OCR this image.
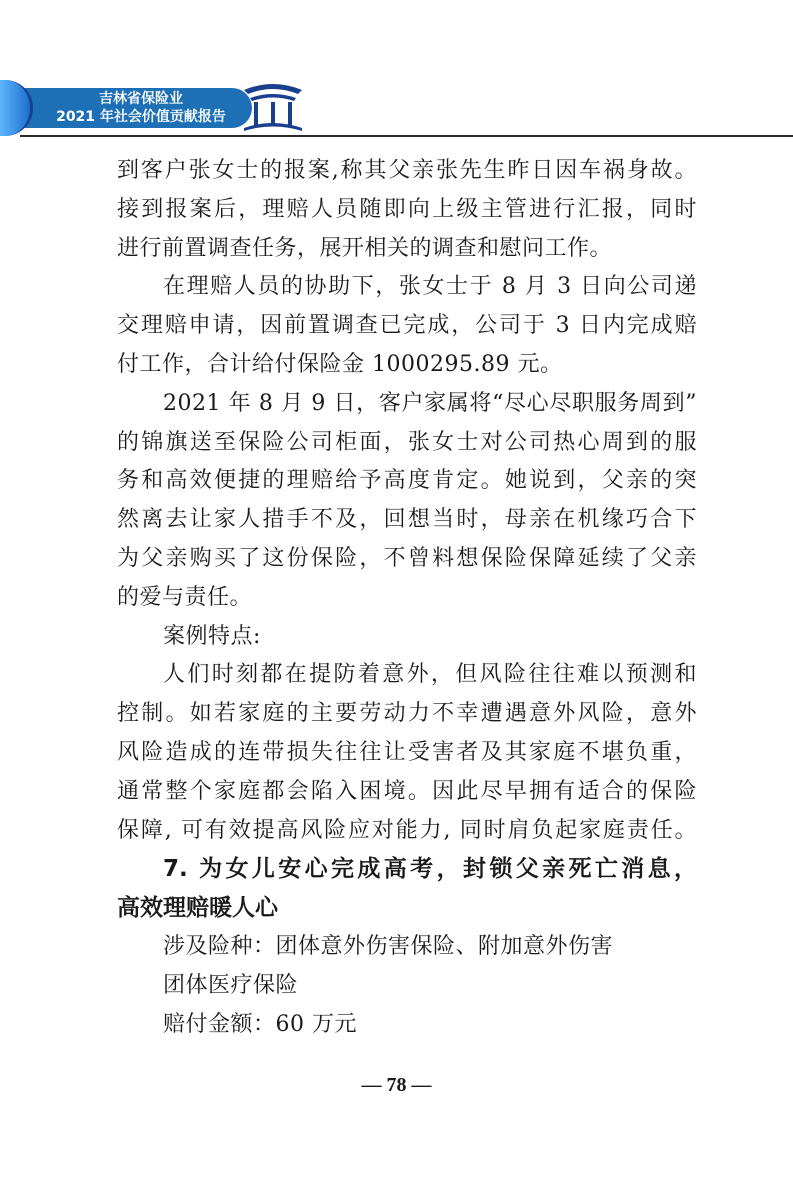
吉林省保险业
2021 年社会价值贡献报告
到客户张女士的报案,称其父亲张先生昨日因车祸身故。
接到报案后，理赔人员随即向上级主管进行汇报，同时
进行前置调查任务，展开相关的调查和慰问工作。
在理赔人员的协助下，张女士于 8 月 3 日向公司递
交理赔申请，因前置调查已完成，公司于 3 日内完成赔
付工作，合计给付保险金 1000295.89 元。
2021 年 8 月 9 日，客户家属将“尽心尽职服务周到”
的锦旗送至保险公司柜面，张女士对公司热心周到的服
务和高效便捷的理赔给予高度肯定。她说到，父亲的突
然离去让家人措手不及，回想当时，母亲在机缘巧合下
为父亲购买了这份保险，不曾料想保险保障延续了父亲
的爱与责任。
案例特点:
人们时刻都在提防着意外，但风险往往难以预测和
控制。如若家庭的主要劳动力不幸遭遇意外风险，意外
风险造成的连带损失往往让受害者及其家庭不堪负重，
通常整个家庭都会陷入困境。因此尽早拥有适合的保险
保障, 可有效提高风险应对能力, 同时肩负起家庭责任。
7. 为女儿安心完成高考，封锁父亲死亡消息，
高效理赔暖人心
涉及险种：团体意外伤害保险、附加意外伤害
团体医疗保险
赔付金额：60 万元
— 78 —
